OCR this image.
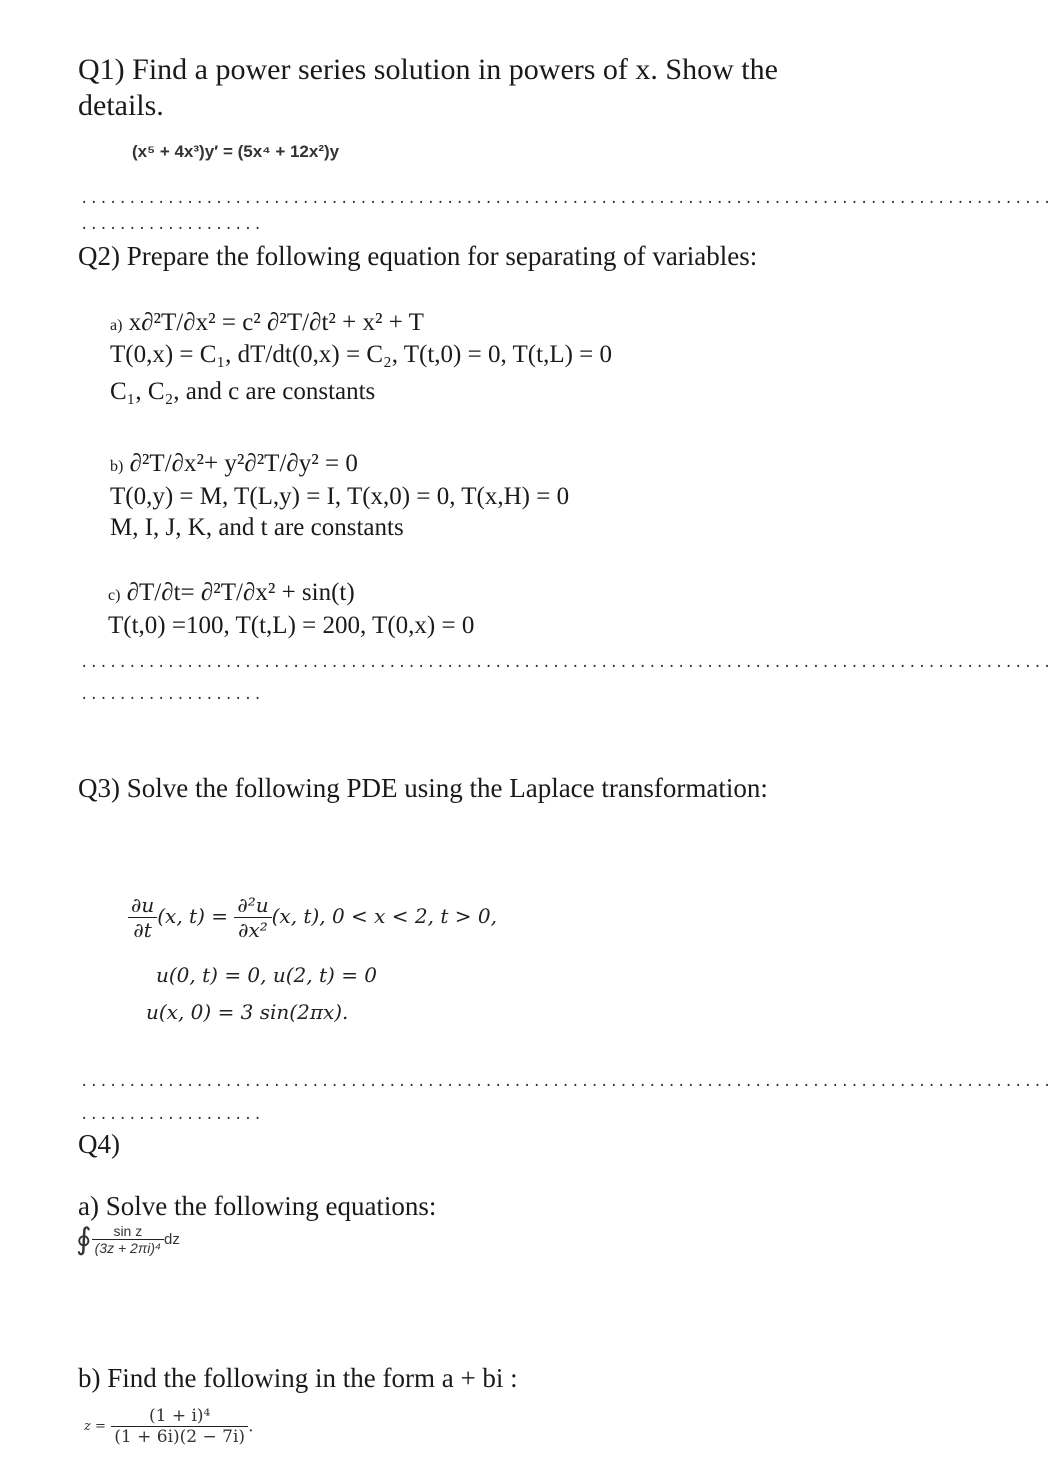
Q1) Find a power series solution in powers of x. Show the
details.
(x⁵ + 4x³)y′ = (5x⁴ + 12x²)y
.....................................................................................................
...................
Q2) Prepare the following equation for separating of variables:
a) x∂²T/∂x² = c² ∂²T/∂t² + x² + T
T(0,x) = C₁, dT/dt(0,x) = C₂, T(t,0) = 0, T(t,L) = 0
C₁, C₂, and c are constants
b) ∂²T/∂x²+ y²∂²T/∂y² = 0
T(0,y) = M, T(L,y) = I, T(x,0) = 0, T(x,H) = 0
M, I, J, K, and t are constants
c) ∂T/∂t= ∂²T/∂x² + sin(t)
T(t,0) =100, T(t,L) = 200, T(0,x) = 0
.....................................................................................................
...................
Q3) Solve the following PDE using the Laplace transformation:
$\frac{\partial u}{\partial t} (x$, $t) = \frac{\text{∂²u}}{\text{∂x²}} (x$, t), 0 < x < 2, t > 0,
u(0, t) = 0, u(2, t) = 0
u(x, 0) = 3 sin(2πx).
.....................................................................................................
...................
Q4)
a) Solve the following equations:
∮ $\frac{\text{sin z}}{\text{(3z + 2πi)⁴}}$ dz
b) Find the following in the form a + bi :
$z = \frac{\text{(1 + i)⁴}}{(1 + 6i)(2 - 7i)}$ .
